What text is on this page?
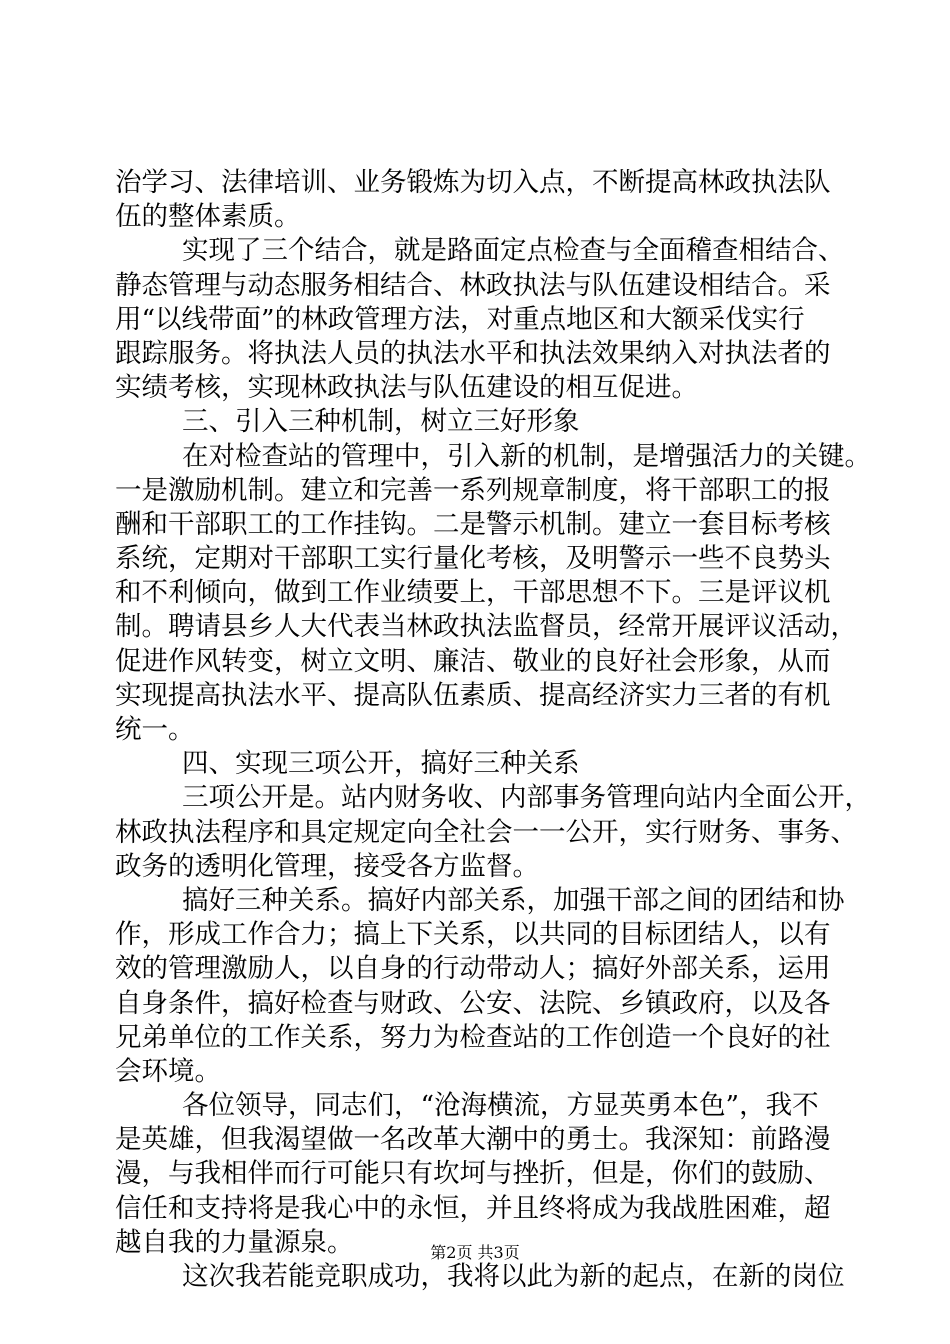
治学习、法律培训、业务锻炼为切入点，不断提高林政执法队
伍的整体素质。
实现了三个结合，就是路面定点检查与全面稽查相结合、
静态管理与动态服务相结合、林政执法与队伍建设相结合。采
用“以线带面”的林政管理方法，对重点地区和大额采伐实行
跟踪服务。将执法人员的执法水平和执法效果纳入对执法者的
实绩考核，实现林政执法与队伍建设的相互促进。
三、引入三种机制，树立三好形象
在对检查站的管理中，引入新的机制，是增强活力的关键。
一是激励机制。建立和完善一系列规章制度，将干部职工的报
酬和干部职工的工作挂钩。二是警示机制。建立一套目标考核
系统，定期对干部职工实行量化考核，及明警示一些不良势头
和不利倾向，做到工作业绩要上，干部思想不下。三是评议机
制。聘请县乡人大代表当林政执法监督员，经常开展评议活动，
促进作风转变，树立文明、廉洁、敬业的良好社会形象，从而
实现提高执法水平、提高队伍素质、提高经济实力三者的有机
统一。
四、实现三项公开，搞好三种关系
三项公开是。站内财务收、内部事务管理向站内全面公开，
林政执法程序和具定规定向全社会一一公开，实行财务、事务、
政务的透明化管理，接受各方监督。
搞好三种关系。搞好内部关系，加强干部之间的团结和协
作，形成工作合力；搞上下关系，以共同的目标团结人，以有
效的管理激励人，以自身的行动带动人；搞好外部关系，运用
自身条件，搞好检查与财政、公安、法院、乡镇政府，以及各
兄弟单位的工作关系，努力为检查站的工作创造一个良好的社
会环境。
各位领导，同志们，“沧海横流，方显英勇本色”，我不
是英雄，但我渴望做一名改革大潮中的勇士。我深知：前路漫
漫，与我相伴而行可能只有坎坷与挫折，但是，你们的鼓励、
信任和支持将是我心中的永恒，并且终将成为我战胜困难，超
越自我的力量源泉。
这次我若能竞职成功，我将以此为新的起点，在新的岗位
第2页 共3页
